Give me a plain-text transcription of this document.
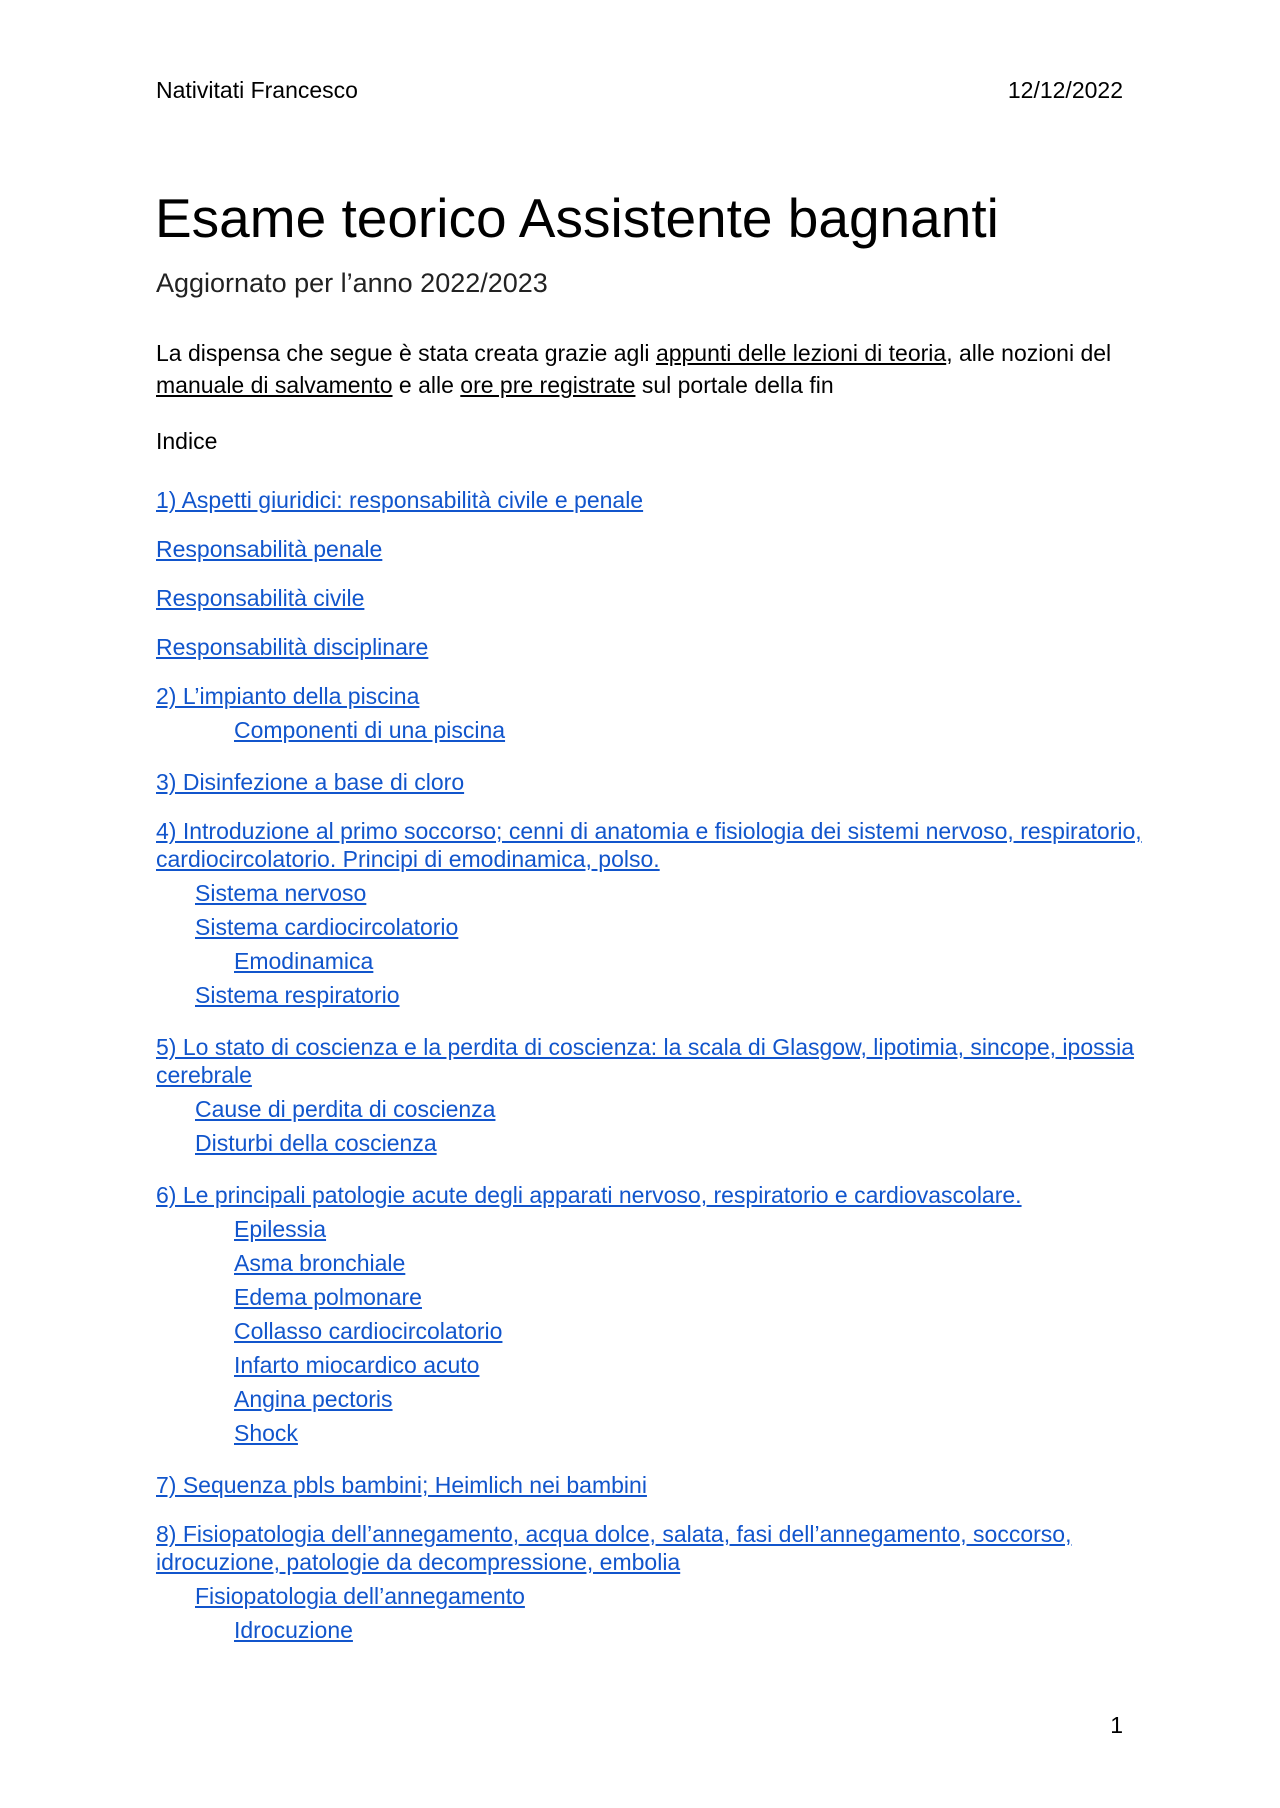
Nativitati Francesco	12/12/2022
Esame teorico Assistente bagnanti
Aggiornato per l’anno 2022/2023
La dispensa che segue è stata creata grazie agli appunti delle lezioni di teoria, alle nozioni del manuale di salvamento e alle ore pre registrate sul portale della fin
Indice
1) Aspetti giuridici: responsabilità civile e penale
Responsabilità penale
Responsabilità civile
Responsabilità disciplinare
2) L’impianto della piscina
Componenti di una piscina
3) Disinfezione a base di cloro
4) Introduzione al primo soccorso; cenni di anatomia e fisiologia dei sistemi nervoso, respiratorio, cardiocircolatorio. Principi di emodinamica, polso.
Sistema nervoso
Sistema cardiocircolatorio
Emodinamica
Sistema respiratorio
5) Lo stato di coscienza e la perdita di coscienza: la scala di Glasgow, lipotimia, sincope, ipossia cerebrale
Cause di perdita di coscienza
Disturbi della coscienza
6) Le principali patologie acute degli apparati nervoso, respiratorio e cardiovascolare.
Epilessia
Asma bronchiale
Edema polmonare
Collasso cardiocircolatorio
Infarto miocardico acuto
Angina pectoris
Shock
7) Sequenza pbls bambini; Heimlich nei bambini
8) Fisiopatologia dell’annegamento, acqua dolce, salata, fasi dell’annegamento, soccorso, idrocuzione, patologie da decompressione, embolia
Fisiopatologia dell’annegamento
Idrocuzione
1
